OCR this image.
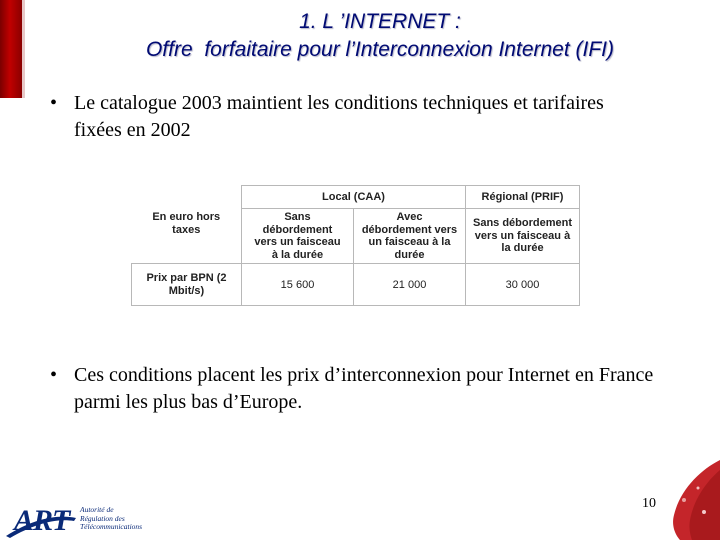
1. L ’INTERNET :
Offre  forfaitaire pour l’Interconnexion Internet (IFI)
• Le catalogue 2003 maintient les conditions techniques et tarifaires fixées en 2002
En euro hors taxes	Local (CAA)		Régional (PRIF)

	Sans débordement vers un faisceau à la durée	Avec débordement vers un faisceau à la durée	Sans débordement vers un faisceau à la durée

Prix par BPN (2 Mbit/s)	15 600	21 000	30 000
• Ces conditions placent les prix d’interconnexion pour Internet en France parmi les plus bas d’Europe.
ART Autorité de
Régulation des
Télécommunications
10
